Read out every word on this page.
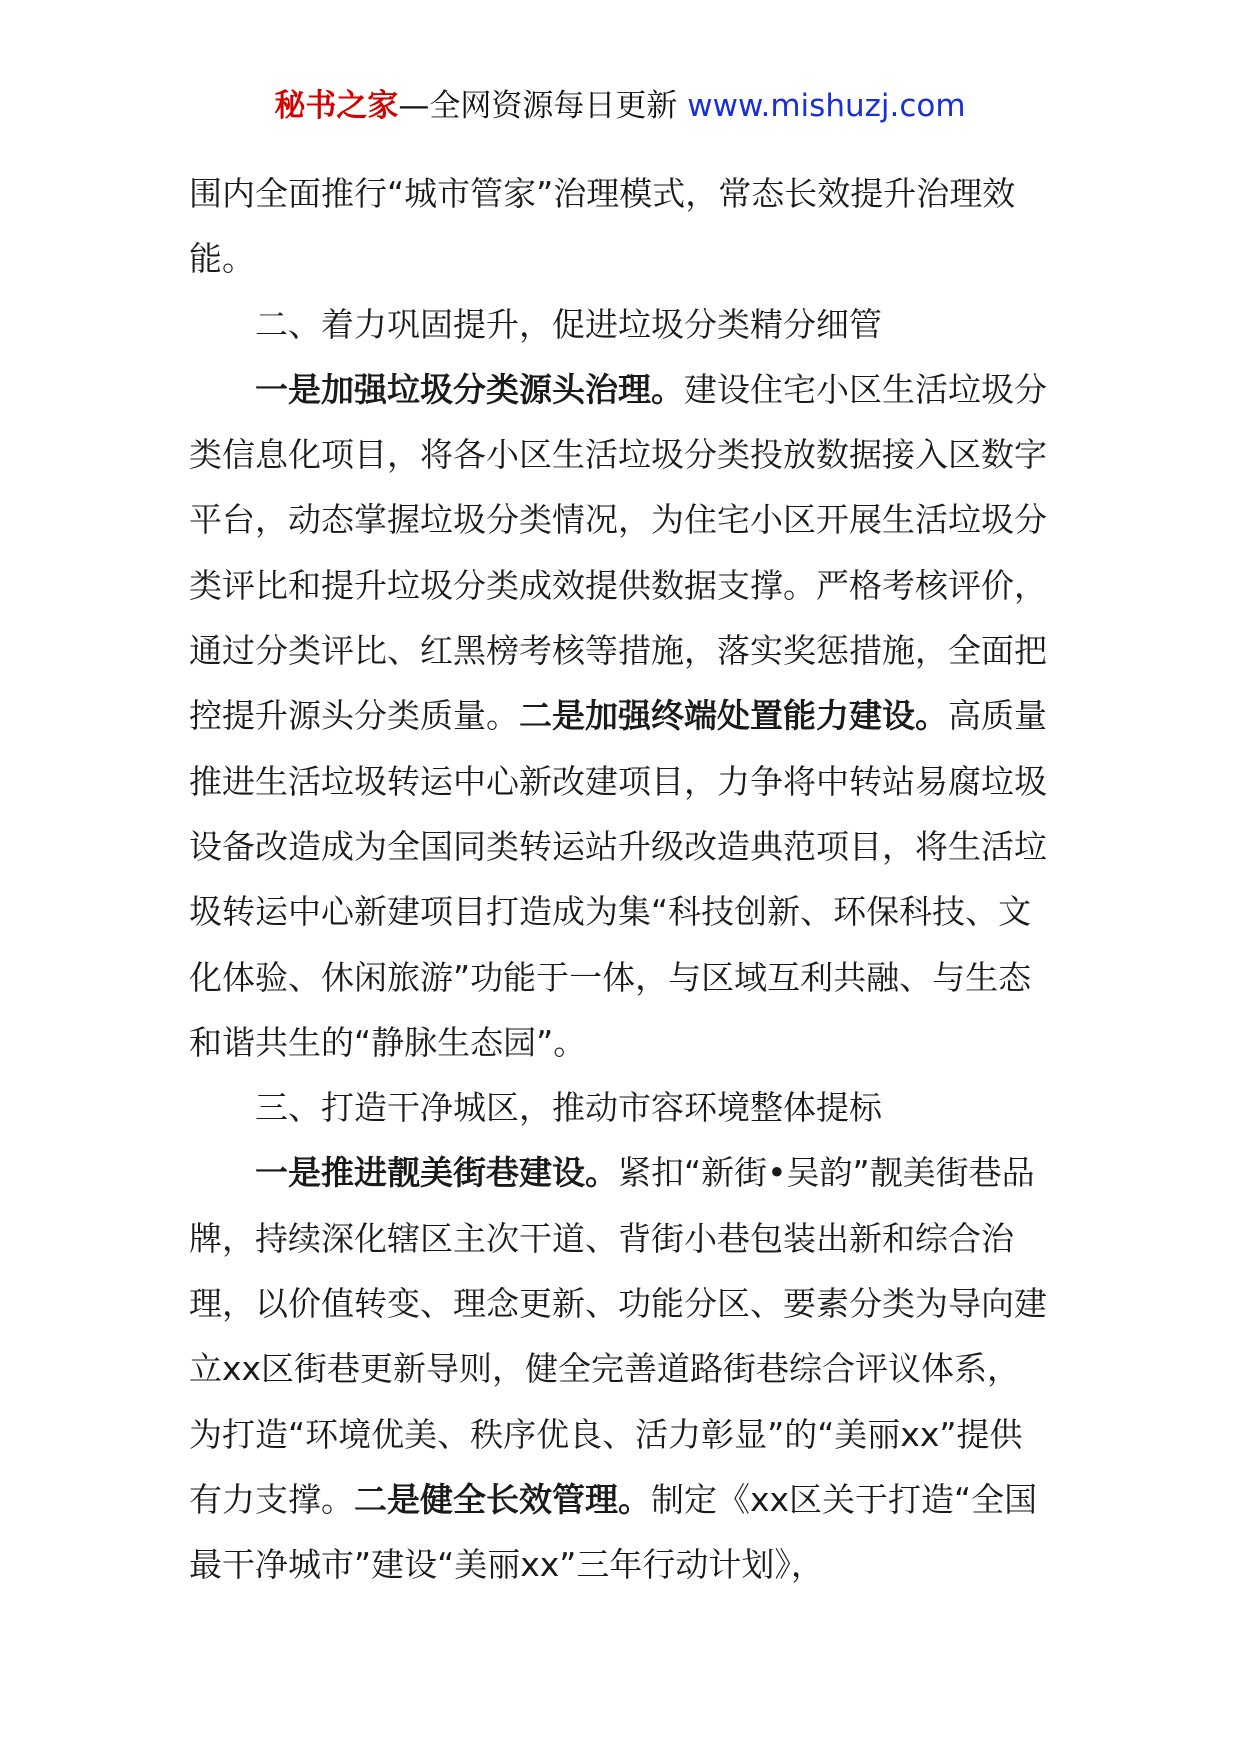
秘书之家—全网资源每日更新 www.mishuzj.com

围内全面推行“城市管家”治理模式，常态长效提升治理效能。

二、着力巩固提升，促进垃圾分类精分细管

一是加强垃圾分类源头治理。建设住宅小区生活垃圾分类信息化项目，将各小区生活垃圾分类投放数据接入区数字平台，动态掌握垃圾分类情况，为住宅小区开展生活垃圾分类评比和提升垃圾分类成效提供数据支撑。严格考核评价，通过分类评比、红黑榜考核等措施，落实奖惩措施，全面把控提升源头分类质量。二是加强终端处置能力建设。高质量推进生活垃圾转运中心新改建项目，力争将中转站易腐垃圾设备改造成为全国同类转运站升级改造典范项目，将生活垃圾转运中心新建项目打造成为集“科技创新、环保科技、文化体验、休闲旅游”功能于一体，与区域互利共融、与生态和谐共生的“静脉生态园”。

三、打造干净城区，推动市容环境整体提标

一是推进靓美街巷建设。紧扣“新街•吴韵”靓美街巷品牌，持续深化辖区主次干道、背街小巷包装出新和综合治理，以价值转变、理念更新、功能分区、要素分类为导向建立xx区街巷更新导则，健全完善道路街巷综合评议体系，为打造“环境优美、秩序优良、活力彰显”的“美丽xx”提供有力支撑。二是健全长效管理。制定《xx区关于打造“全国最干净城市”建设“美丽xx”三年行动计划》，
